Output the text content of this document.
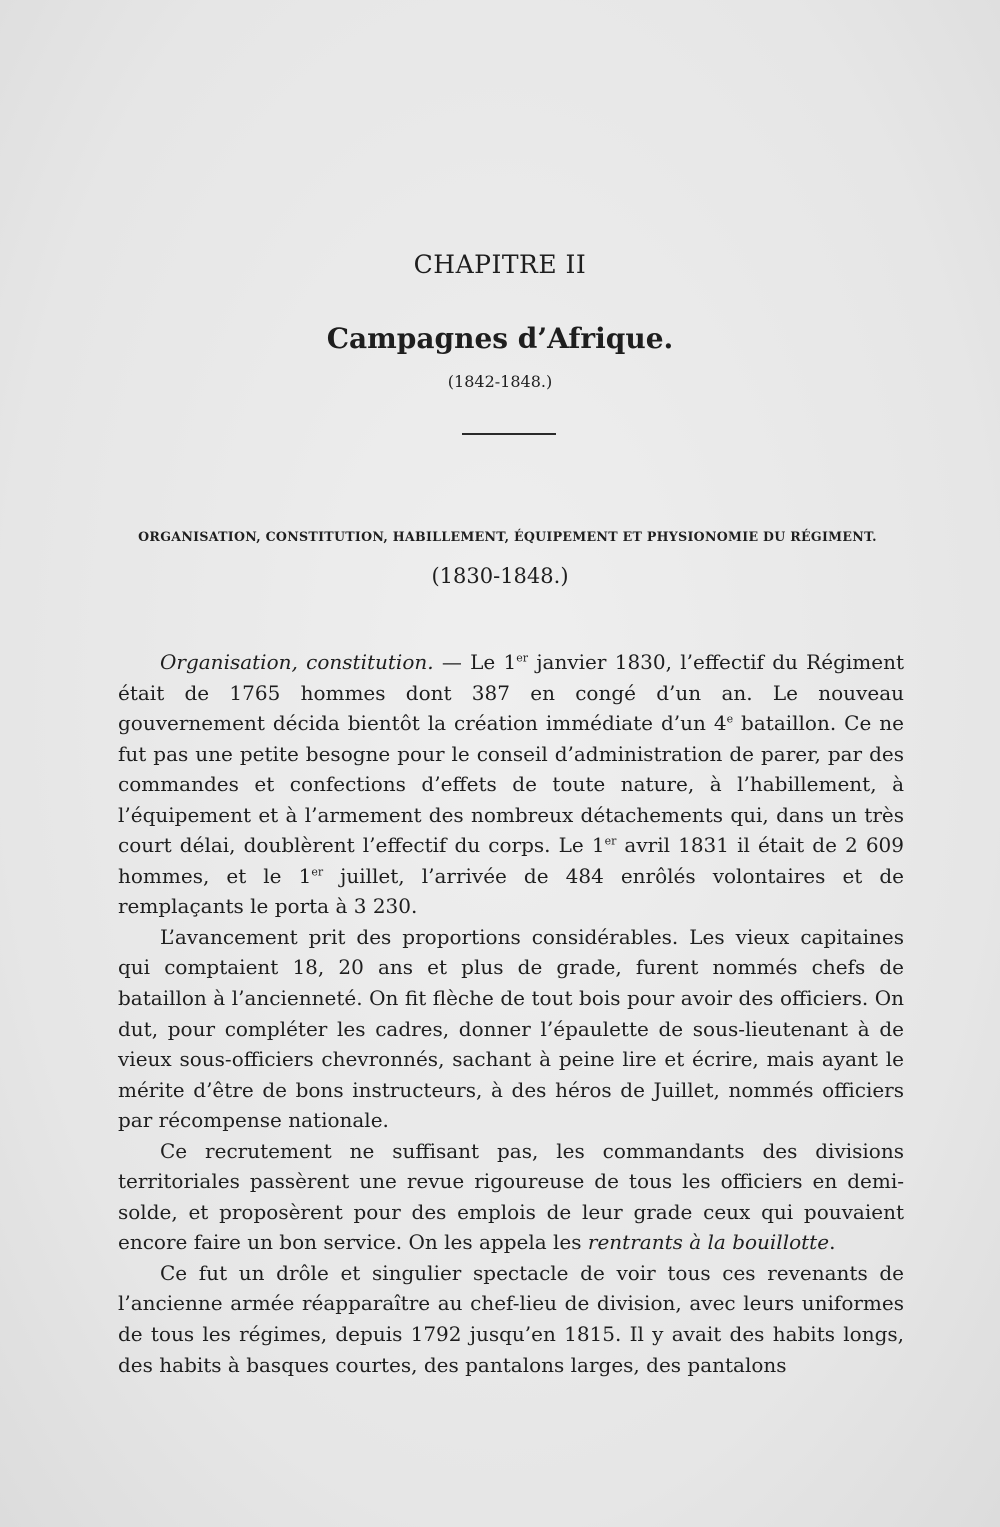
CHAPITRE II
Campagnes d’Afrique.
(1842-1848.)
ORGANISATION, CONSTITUTION, HABILLEMENT, ÉQUIPEMENT ET PHYSIONOMIE DU RÉGIMENT.
(1830-1848.)

Organisation, constitution. — Le 1er janvier 1830, l’effectif du Régiment était de 1765 hommes dont 387 en congé d’un an. Le nouveau gouvernement décida bientôt la création immédiate d’un 4e bataillon. Ce ne fut pas une petite besogne pour le conseil d’administration de parer, par des commandes et confections d’effets de toute nature, à l’habillement, à l’équipement et à l’armement des nombreux détachements qui, dans un très court délai, doublèrent l’effectif du corps. Le 1er avril 1831 il était de 2 609 hommes, et le 1er juillet, l’arrivée de 484 enrôlés volontaires et de remplaçants le porta à 3 230.

L’avancement prit des proportions considérables. Les vieux capitaines qui comptaient 18, 20 ans et plus de grade, furent nommés chefs de bataillon à l’ancienneté. On fit flèche de tout bois pour avoir des officiers. On dut, pour compléter les cadres, donner l’épaulette de sous-lieutenant à de vieux sous-officiers chevronnés, sachant à peine lire et écrire, mais ayant le mérite d’être de bons instructeurs, à des héros de Juillet, nommés officiers par récompense nationale.

Ce recrutement ne suffisant pas, les commandants des divisions territoriales passèrent une revue rigoureuse de tous les officiers en demi-solde, et proposèrent pour des emplois de leur grade ceux qui pouvaient encore faire un bon service. On les appela les rentrants à la bouillotte.

Ce fut un drôle et singulier spectacle de voir tous ces revenants de l’ancienne armée réapparaître au chef-lieu de division, avec leurs uniformes de tous les régimes, depuis 1792 jusqu’en 1815. Il y avait des habits longs, des habits à basques courtes, des pantalons larges, des pantalons
